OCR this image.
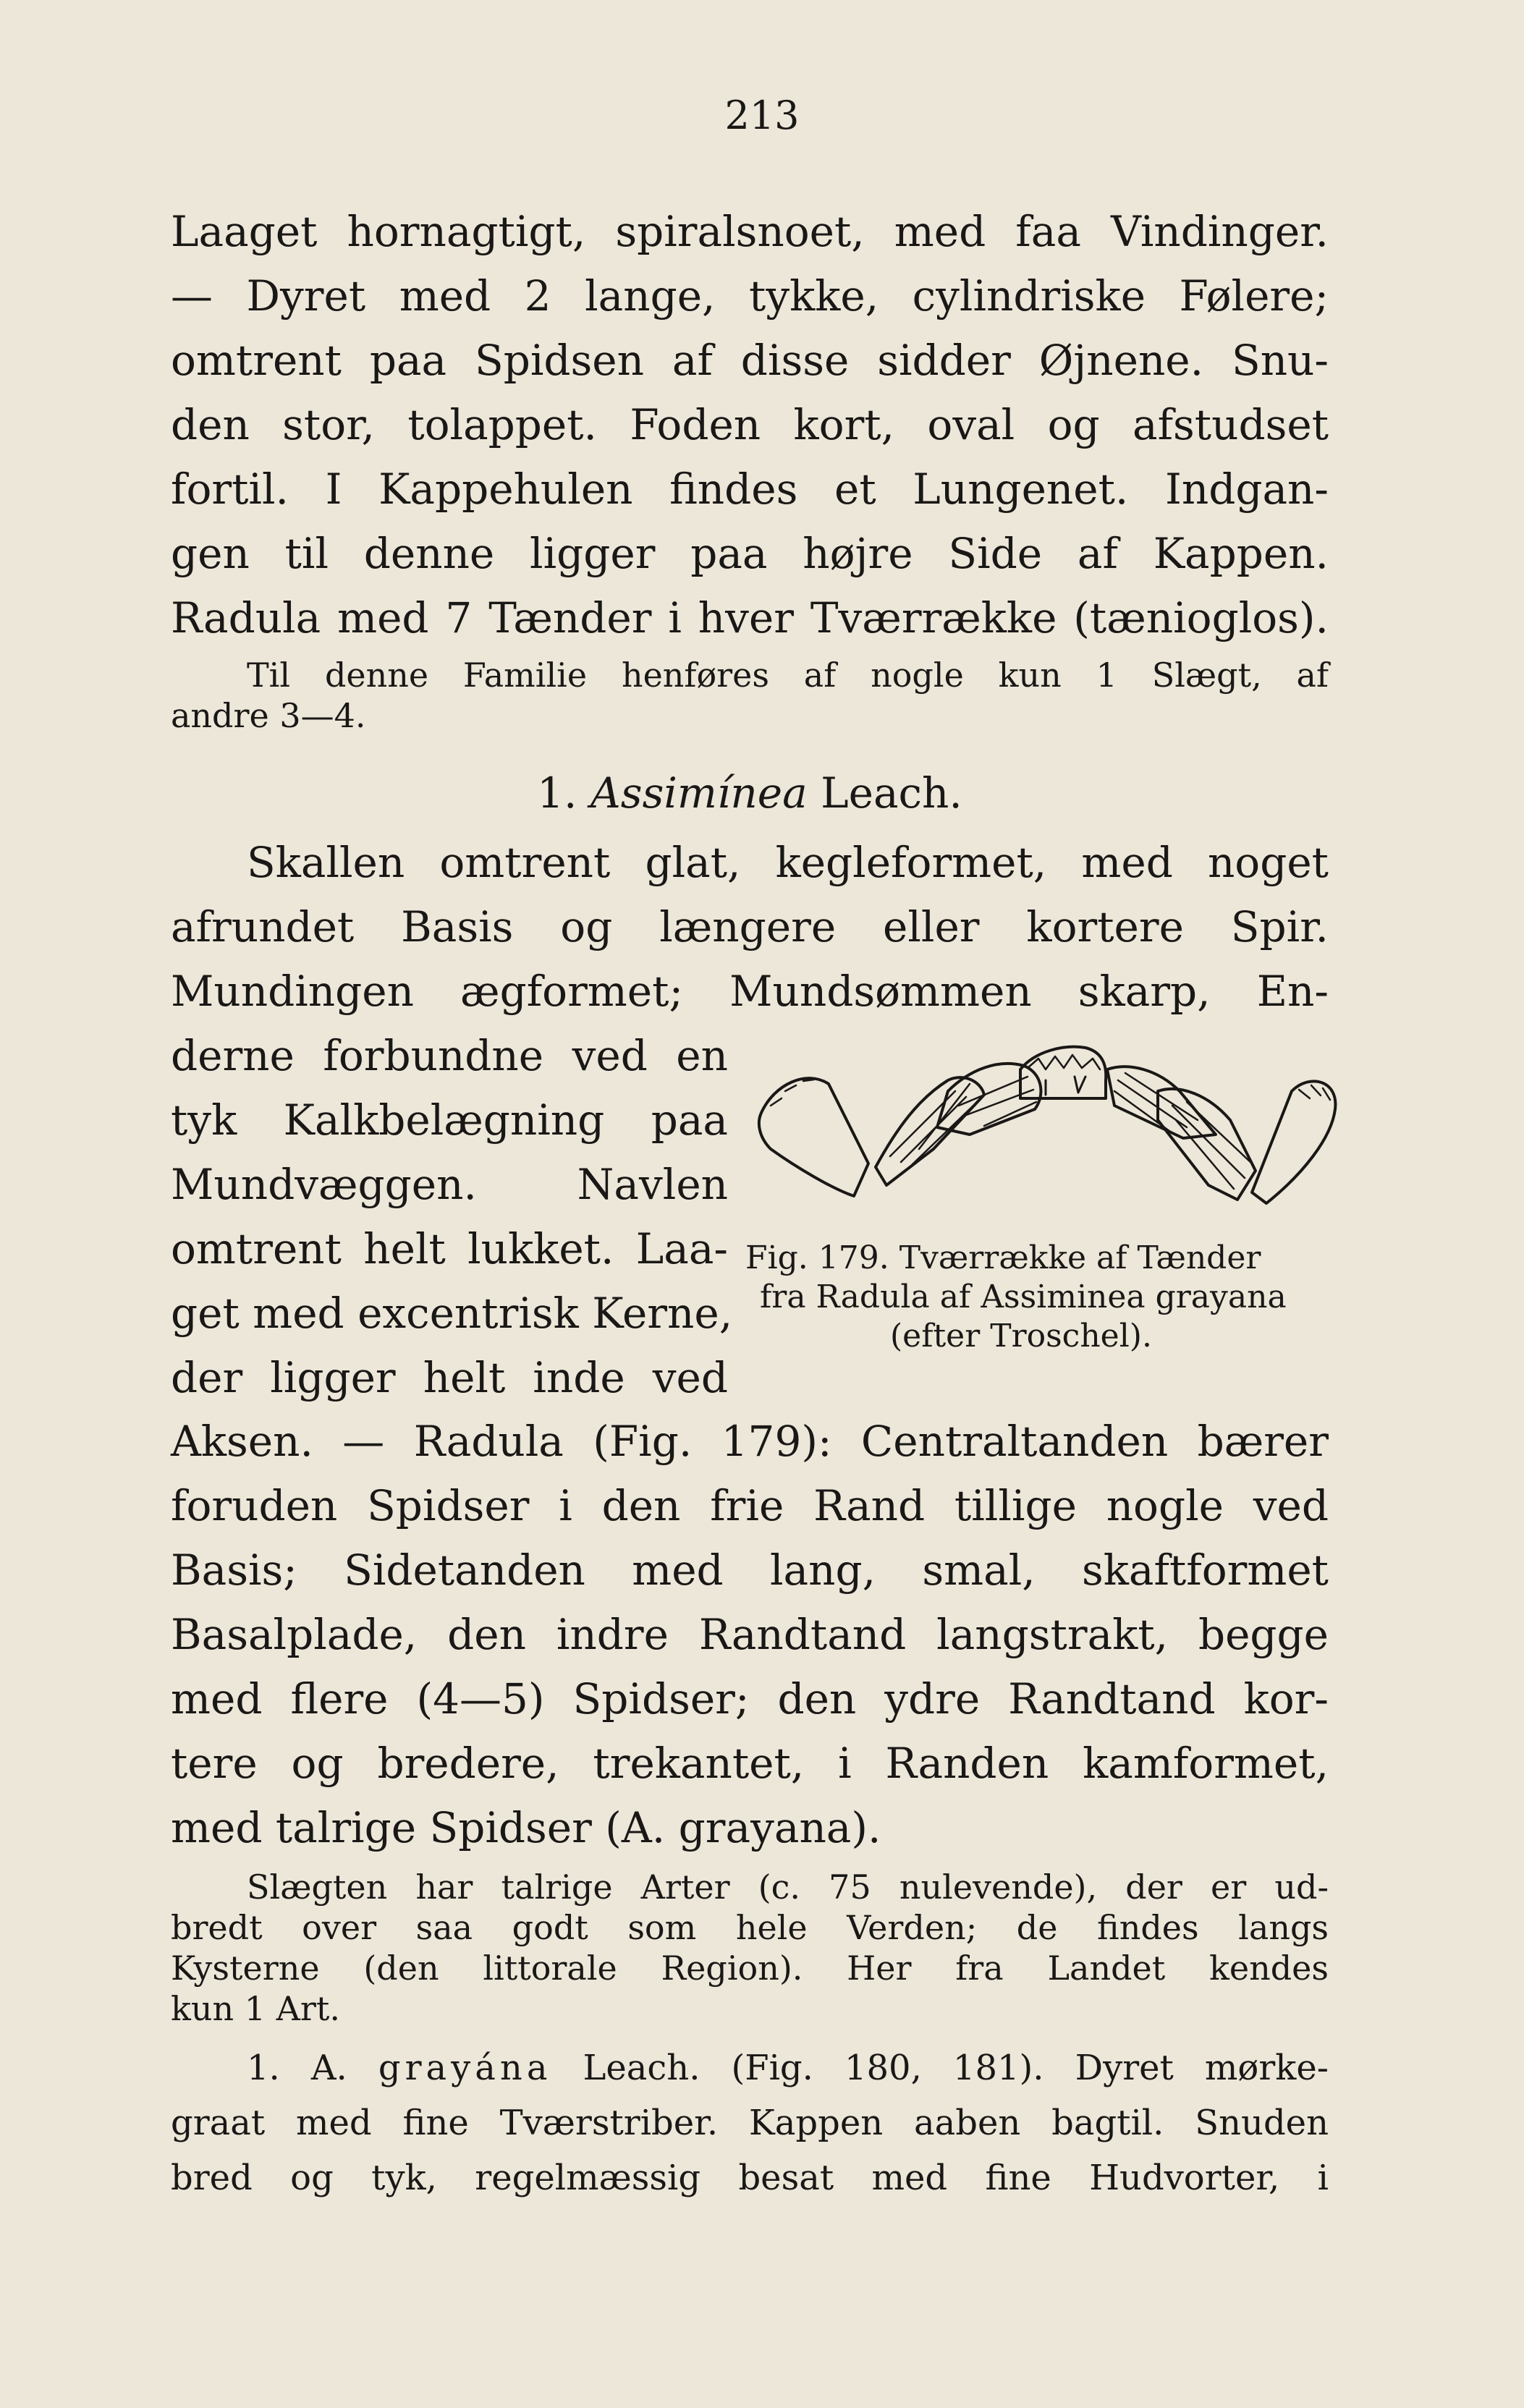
213
Laaget hornagtigt, spiralsnoet, med faa Vindinger.
— Dyret med 2 lange, tykke, cylindriske Følere;
omtrent paa Spidsen af disse sidder Øjnene. Snu-
den stor, tolappet. Foden kort, oval og afstudset
fortil. I Kappehulen findes et Lungenet. Indgan-
gen til denne ligger paa højre Side af Kappen.
Radula med 7 Tænder i hver Tværrække (tænioglos).
Til denne Familie henføres af nogle kun 1 Slægt, af
andre 3—4.
1. Assimínea Leach.
Skallen omtrent glat, kegleformet, med noget
afrundet Basis og længere eller kortere Spir.
Mundingen ægformet; Mundsømmen skarp, En-
derne forbundne ved en
tyk Kalkbelægning paa
Mundvæggen. Navlen
omtrent helt lukket. Laa-
get med excentrisk Kerne,
der ligger helt inde ved
Fig. 179. Tværrække af Tænder
fra Radula af Assiminea grayana
(efter Troschel).
Aksen. — Radula (Fig. 179): Centraltanden bærer
foruden Spidser i den frie Rand tillige nogle ved
Basis; Sidetanden med lang, smal, skaftformet
Basalplade, den indre Randtand langstrakt, begge
med flere (4—5) Spidser; den ydre Randtand kor-
tere og bredere, trekantet, i Randen kamformet,
med talrige Spidser (A. grayana).
Slægten har talrige Arter (c. 75 nulevende), der er ud-
bredt over saa godt som hele Verden; de findes langs
Kysterne (den littorale Region). Her fra Landet kendes
kun 1 Art.
1. A. grayána Leach. (Fig. 180, 181). Dyret mørke-
graat med fine Tværstriber. Kappen aaben bagtil. Snuden
bred og tyk, regelmæssig besat med fine Hudvorter, i
